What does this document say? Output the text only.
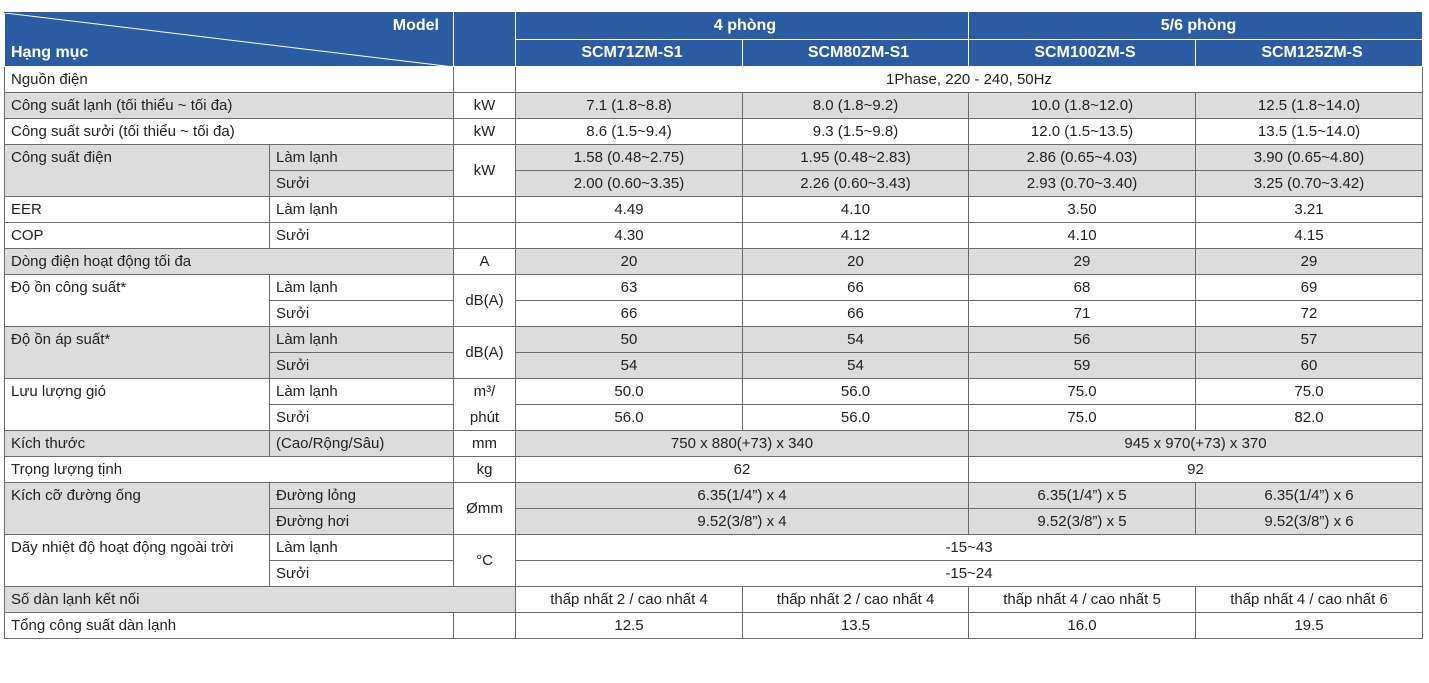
Model
Hạng mục			4 phòng		5/6 phòng	
			SCM71ZM-S1	SCM80ZM-S1	SCM100ZM-S	SCM125ZM-S
Nguồn điện			1Phase, 220 - 240, 50Hz			
Công suất lạnh (tối thiểu ~ tối đa)		kW	7.1 (1.8~8.8)	8.0 (1.8~9.2)	10.0 (1.8~12.0)	12.5 (1.8~14.0)
Công suất sưởi (tối thiểu ~ tối đa)		kW	8.6 (1.5~9.4)	9.3 (1.5~9.8)	12.0 (1.5~13.5)	13.5 (1.5~14.0)
Công suất điện	Làm lạnh	kW	1.58 (0.48~2.75)	1.95 (0.48~2.83)	2.86 (0.65~4.03)	3.90 (0.65~4.80)
	Sưởi		2.00 (0.60~3.35)	2.26 (0.60~3.43)	2.93 (0.70~3.40)	3.25 (0.70~3.42)
EER	Làm lạnh		4.49	4.10	3.50	3.21
COP	Sưởi		4.30	4.12	4.10	4.15
Dòng điện hoạt động tối đa		A	20	20	29	29
Độ ồn công suất*	Làm lạnh	dB(A)	63	66	68	69
	Sưởi		66	66	71	72
Độ ồn áp suất*	Làm lạnh	dB(A)	50	54	56	57
	Sưởi		54	54	59	60
Lưu lượng gió	Làm lạnh	m³/	50.0	56.0	75.0	75.0
	Sưởi	phút	56.0	56.0	75.0	82.0
Kích thước	(Cao/Rộng/Sâu)	mm	750 x 880(+73) x 340		945 x 970(+73) x 370	
Trọng lượng tịnh		kg	62		92	
Kích cỡ đường ống	Đường lỏng	Ømm	6.35(1/4”) x 4		6.35(1/4”) x 5	6.35(1/4”) x 6
	Đường hơi		9.52(3/8”) x 4		9.52(3/8”) x 5	9.52(3/8”) x 6
Dãy nhiệt độ hoạt động ngoài trời	Làm lạnh	°C	-15~43			
	Sưởi		-15~24			
Số dàn lạnh kết nối			thấp nhất 2 / cao nhất 4	thấp nhất 2 / cao nhất 4	thấp nhất 4 / cao nhất 5	thấp nhất 4 / cao nhất 6
Tổng công suất dàn lạnh			12.5	13.5	16.0	19.5
